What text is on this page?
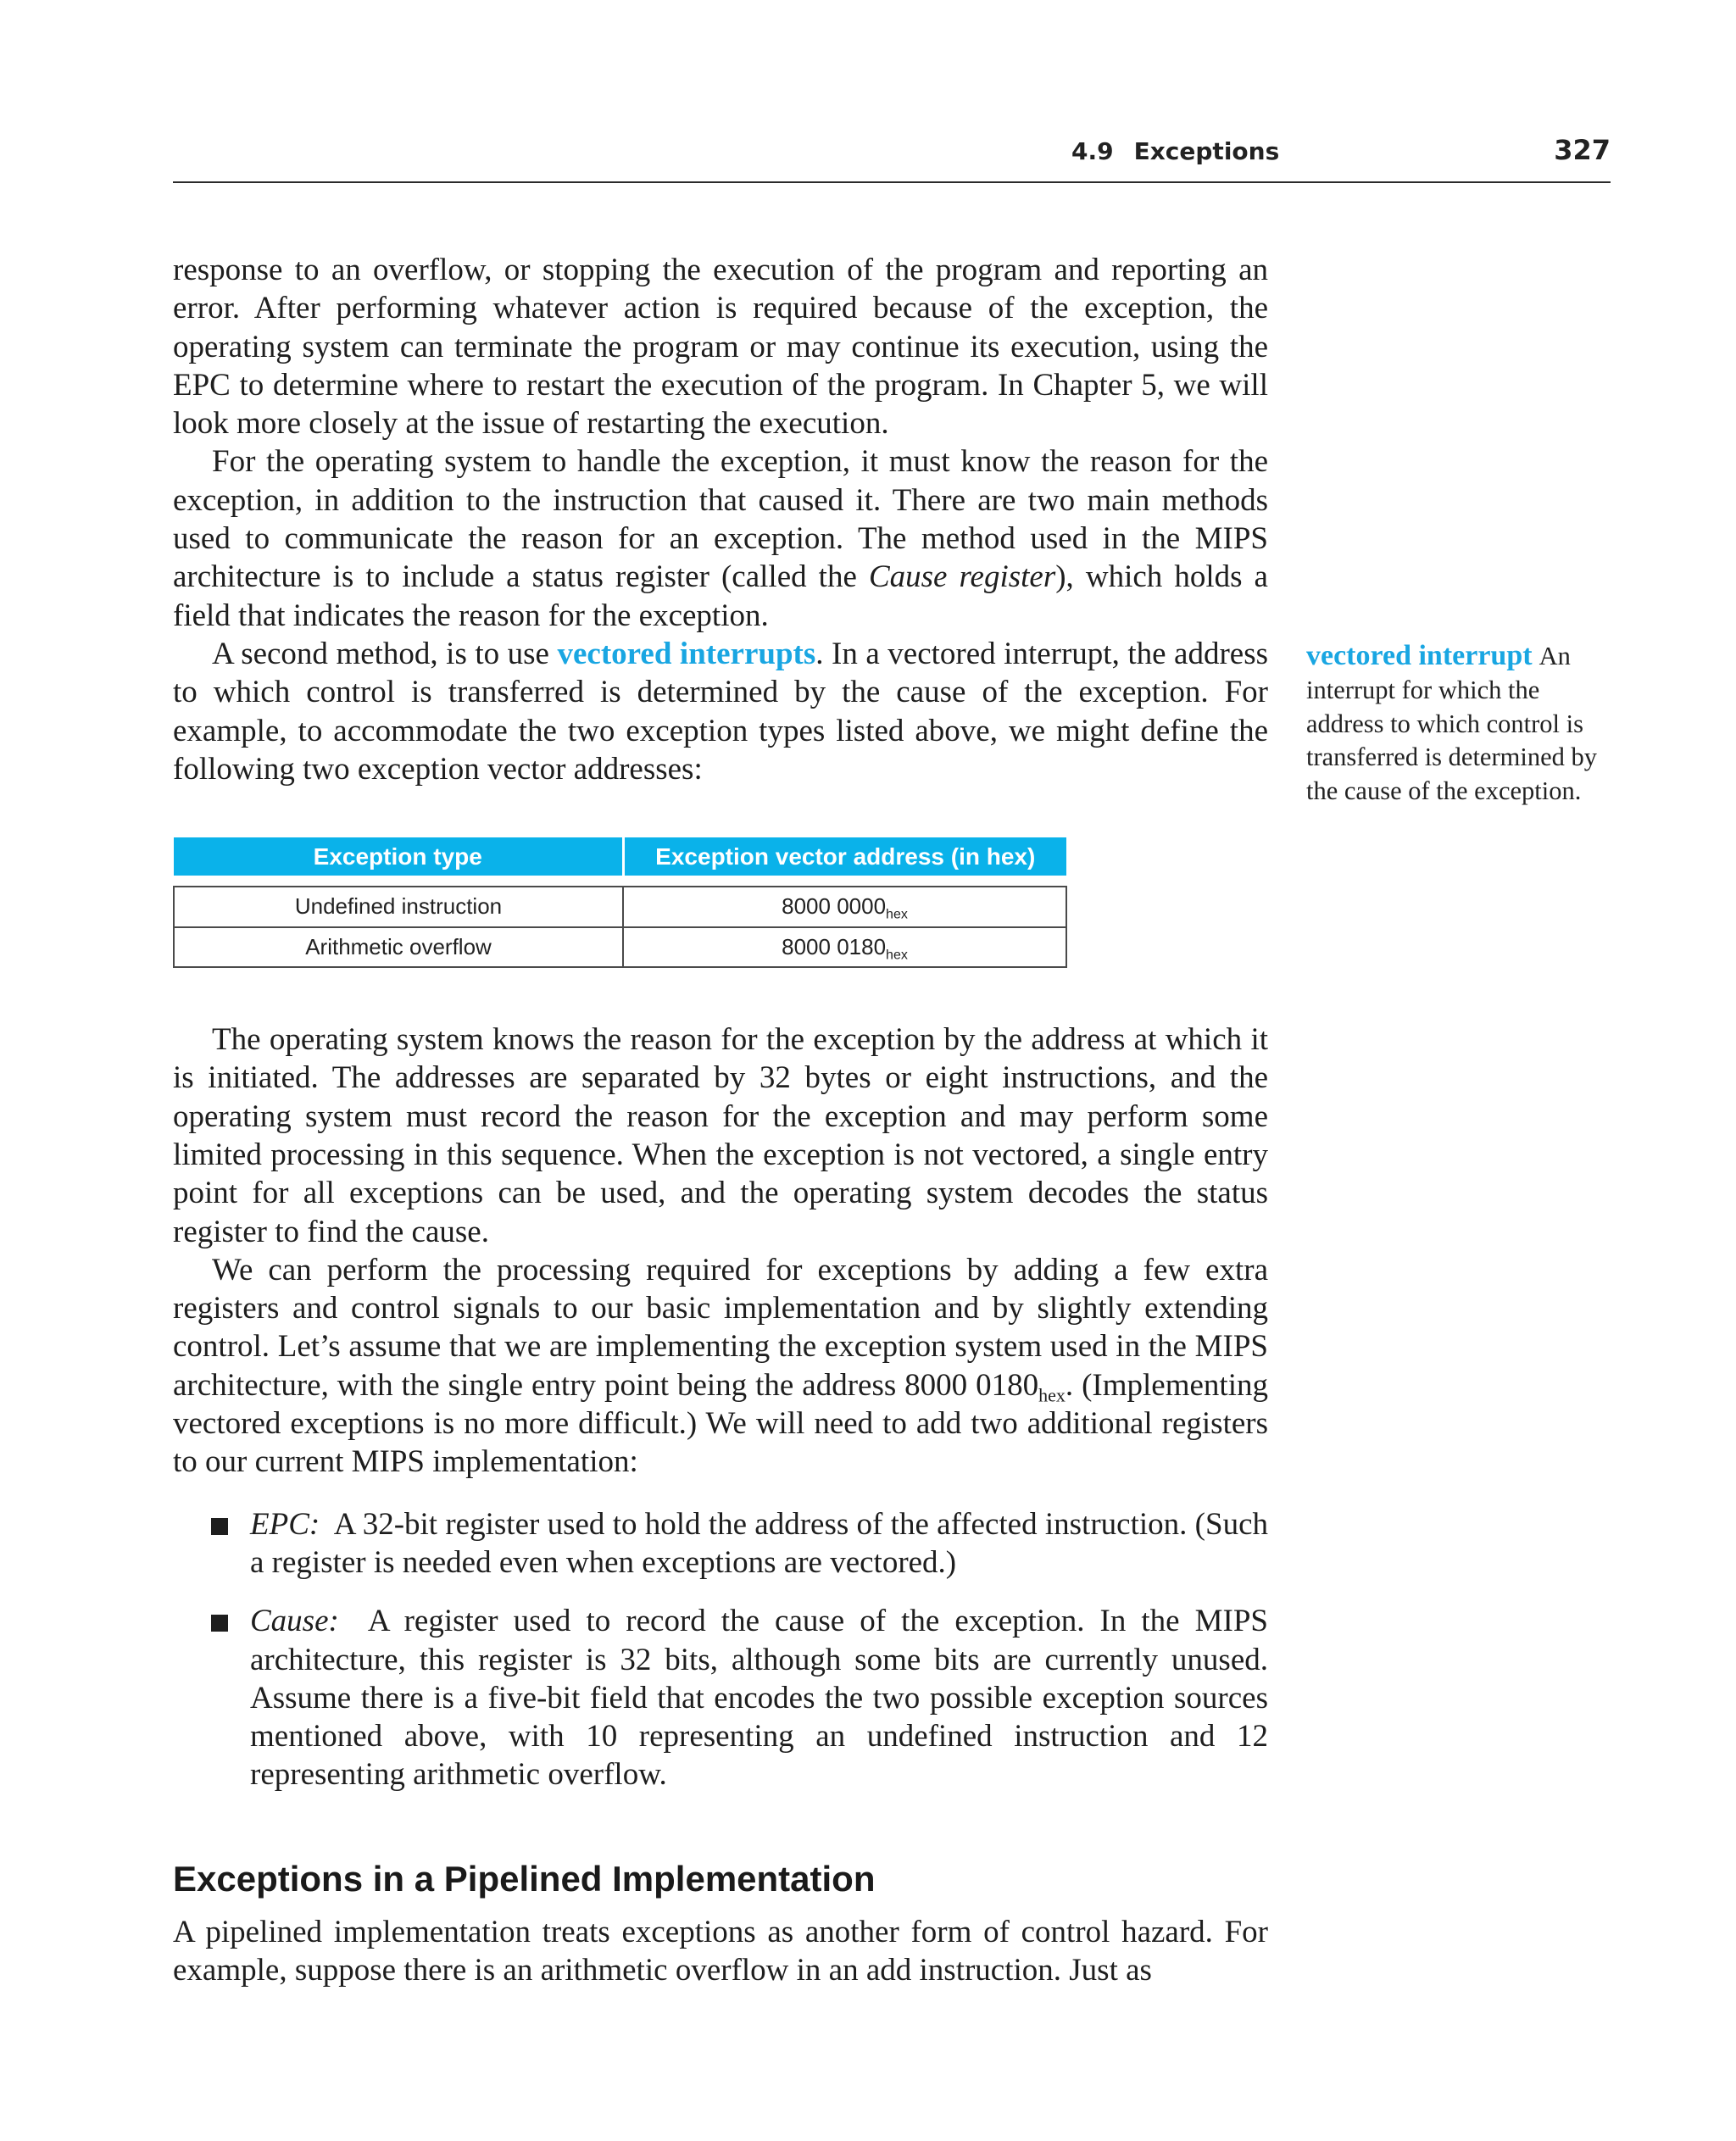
4.9 Exceptions	327

response to an overflow, or stopping the execution of the program and reporting an error. After performing whatever action is required because of the exception, the operating system can terminate the program or may continue its execution, using the EPC to determine where to restart the execution of the program. In Chapter 5, we will look more closely at the issue of restarting the execution.

For the operating system to handle the exception, it must know the reason for the exception, in addition to the instruction that caused it. There are two main methods used to communicate the reason for an exception. The method used in the MIPS architecture is to include a status register (called the Cause register), which holds a field that indicates the reason for the exception.

A second method, is to use vectored interrupts. In a vectored interrupt, the address to which control is transferred is determined by the cause of the exception. For example, to accommodate the two exception types listed above, we might define the following two exception vector addresses:

Exception type	Exception vector address (in hex)

Undefined instruction	8000 $0000_{hex}$
Arithmetic overflow	8000 $0180_{hex}$

The operating system knows the reason for the exception by the address at which it is initiated. The addresses are separated by 32 bytes or eight instructions, and the operating system must record the reason for the exception and may perform some limited processing in this sequence. When the exception is not vectored, a single entry point for all exceptions can be used, and the operating system decodes the status register to find the cause.

We can perform the processing required for exceptions by adding a few extra registers and control signals to our basic implementation and by slightly extending control. Let’s assume that we are implementing the exception system used in the MIPS architecture, with the single entry point being the address 8000 $0180_{hex}$. (Implementing vectored exceptions is no more difficult.) We will need to add two additional registers to our current MIPS implementation:

EPC: A 32-bit register used to hold the address of the affected instruction. (Such a register is needed even when exceptions are vectored.)
Cause: A register used to record the cause of the exception. In the MIPS architecture, this register is 32 bits, although some bits are currently unused. Assume there is a five-bit field that encodes the two possible exception sources mentioned above, with 10 representing an undefined instruction and 12 representing arithmetic overflow.
Exceptions in a Pipelined Implementation

A pipelined implementation treats exceptions as another form of control hazard. For example, suppose there is an arithmetic overflow in an add instruction. Just as

vectored interrupt An interrupt for which the address to which control is transferred is determined by the cause of the exception.
